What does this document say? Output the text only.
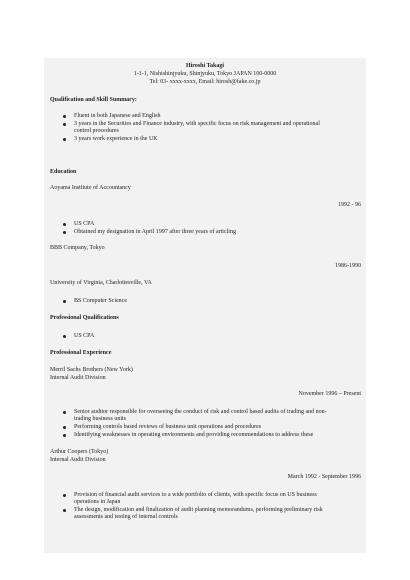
Hiroshi Takagi
1-1-1, Nishishinjyuku, Shinjyuku, Tokyo JAPAN 100-0000
Tel: 03- xxxx-xxxx, Email: hirosh@fake.co.jp
Qualification and Skill Summary:
Fluent in both Japanese and English
3 years in the Securities and Finance industry, with specific focus on risk management and operational control procedures
3 years work experience in the UK
Education
Aoyama Institute of Accountancy
1992 - 96
US CPA
Obtained my designation in April 1997 after three years of articling
BBB Company, Tokyo
1986-1990
University of Virginia, Charlottesville, VA
BS Computer Science
Professional Qualifications
US CPA
Professional Experience
Merril Sachs Brothers (New York)
Internal Audit Division
November 1996 – Present
Senior auditor responsible for overseeing the conduct of risk and control based audits of trading and non-trading business units
Performing controls based reviews of business unit operations and procedures
Identifying weaknesses in operating environments and providing recommendations to address these
Arthur Coopers (Tokyo)
Internal Audit Division
March 1992 - September 1996
Provision of financial audit services to a wide portfolio of clients, with specific focus on US business operations in Japan
The design, modification and finalization of audit planning memorandums, performing preliminary risk assessments and testing of internal controls
